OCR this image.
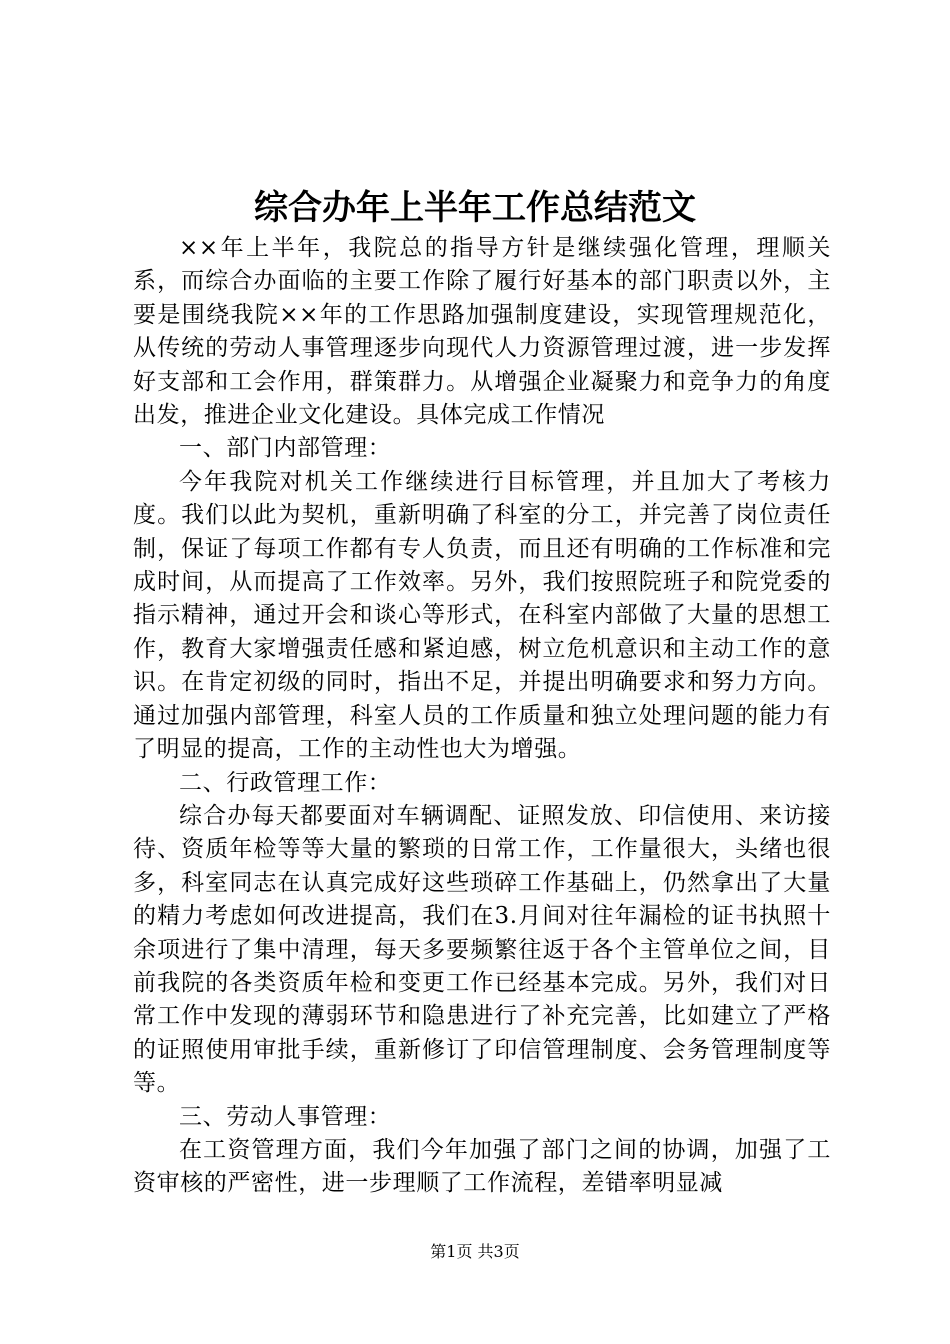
综合办年上半年工作总结范文

××年上半年，我院总的指导方针是继续强化管理，理顺关系，而综合办面临的主要工作除了履行好基本的部门职责以外，主要是围绕我院××年的工作思路加强制度建设，实现管理规范化，从传统的劳动人事管理逐步向现代人力资源管理过渡，进一步发挥好支部和工会作用，群策群力。从增强企业凝聚力和竞争力的角度出发，推进企业文化建设。具体完成工作情况

一、部门内部管理：

今年我院对机关工作继续进行目标管理，并且加大了考核力度。我们以此为契机，重新明确了科室的分工，并完善了岗位责任制，保证了每项工作都有专人负责，而且还有明确的工作标准和完成时间，从而提高了工作效率。另外，我们按照院班子和院党委的指示精神，通过开会和谈心等形式，在科室内部做了大量的思想工作，教育大家增强责任感和紧迫感，树立危机意识和主动工作的意识。在肯定初级的同时，指出不足，并提出明确要求和努力方向。通过加强内部管理，科室人员的工作质量和独立处理问题的能力有了明显的提高，工作的主动性也大为增强。

二、行政管理工作：

综合办每天都要面对车辆调配、证照发放、印信使用、来访接待、资质年检等等大量的繁琐的日常工作，工作量很大，头绪也很多，科室同志在认真完成好这些琐碎工作基础上，仍然拿出了大量的精力考虑如何改进提高，我们在3.月间对往年漏检的证书执照十余项进行了集中清理，每天多要频繁往返于各个主管单位之间，目前我院的各类资质年检和变更工作已经基本完成。另外，我们对日常工作中发现的薄弱环节和隐患进行了补充完善，比如建立了严格的证照使用审批手续，重新修订了印信管理制度、会务管理制度等等。

三、劳动人事管理：

在工资管理方面，我们今年加强了部门之间的协调，加强了工资审核的严密性，进一步理顺了工作流程，差错率明显减

第1页 共3页
